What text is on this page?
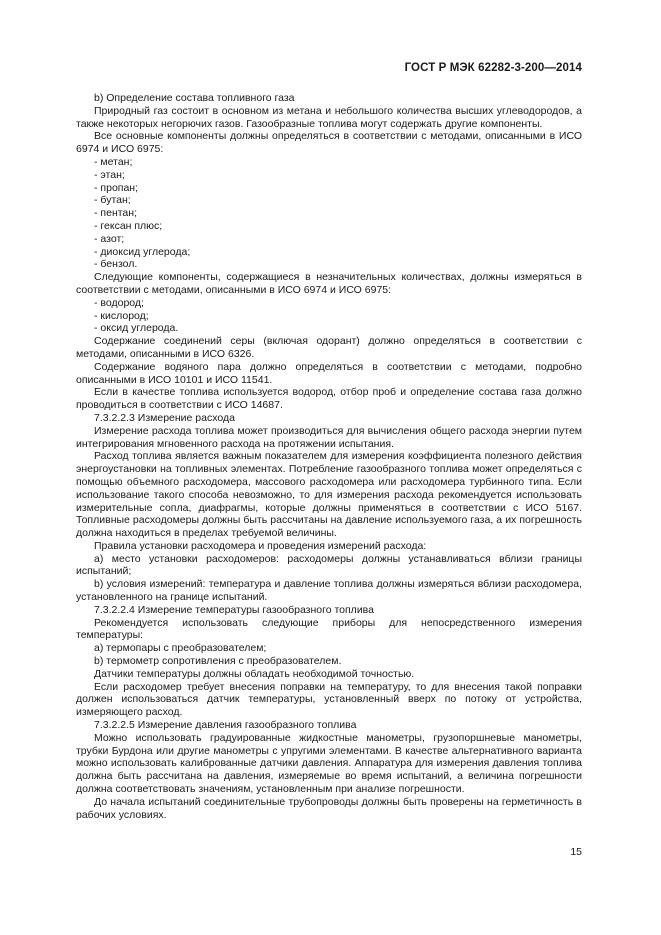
ГОСТ Р МЭК 62282-3-200—2014

b) Определение состава топливного газа

Природный газ состоит в основном из метана и небольшого количества высших углеводородов, а также некоторых негорючих газов. Газообразные топлива могут содержать другие компоненты.

Все основные компоненты должны определяться в соответствии с методами, описанными в ИСО 6974 и ИСО 6975:

- метан;

- этан;

- пропан;

- бутан;

- пентан;

- гексан плюс;

- азот;

- диоксид углерода;

- бензол.

Следующие компоненты, содержащиеся в незначительных количествах, должны измеряться в соответствии с методами, описанными в ИСО 6974 и ИСО 6975:

- водород;

- кислород;

- оксид углерода.

Содержание соединений серы (включая одорант) должно определяться в соответствии с методами, описанными в ИСО 6326.

Содержание водяного пара должно определяться в соответствии с методами, подробно описанными в ИСО 10101 и ИСО 11541.

Если в качестве топлива используется водород, отбор проб и определение состава газа должно проводиться в соответствии с ИСО 14687.

7.3.2.2.3 Измерение расхода

Измерение расхода топлива может производиться для вычисления общего расхода энергии путем интегрирования мгновенного расхода на протяжении испытания.

Расход топлива является важным показателем для измерения коэффициента полезного действия энергоустановки на топливных элементах. Потребление газообразного топлива может определяться с помощью объемного расходомера, массового расходомера или расходомера турбинного типа. Если использование такого способа невозможно, то для измерения расхода рекомендуется использовать измерительные сопла, диафрагмы, которые должны применяться в соответствии с ИСО 5167. Топливные расходомеры должны быть рассчитаны на давление используемого газа, а их погрешность должна находиться в пределах требуемой величины.

Правила установки расходомера и проведения измерений расхода:

а) место установки расходомеров: расходомеры должны устанавливаться вблизи границы испытаний;

b) условия измерений: температура и давление топлива должны измеряться вблизи расходомера, установленного на границе испытаний.

7.3.2.2.4 Измерение температуры газообразного топлива

Рекомендуется использовать следующие приборы для непосредственного измерения температуры:

а) термопары с преобразователем;

b) термометр сопротивления с преобразователем.

Датчики температуры должны обладать необходимой точностью.

Если расходомер требует внесения поправки на температуру, то для внесения такой поправки должен использоваться датчик температуры, установленный вверх по потоку от устройства, измеряющего расход.

7.3.2.2.5 Измерение давления газообразного топлива

Можно использовать градуированные жидкостные манометры, грузопоршневые манометры, трубки Бурдона или другие манометры с упругими элементами. В качестве альтернативного варианта можно использовать калиброванные датчики давления. Аппаратура для измерения давления топлива должна быть рассчитана на давления, измеряемые во время испытаний, а величина погрешности должна соответствовать значениям, установленным при анализе погрешности.

До начала испытаний соединительные трубопроводы должны быть проверены на герметичность в рабочих условиях.

15
